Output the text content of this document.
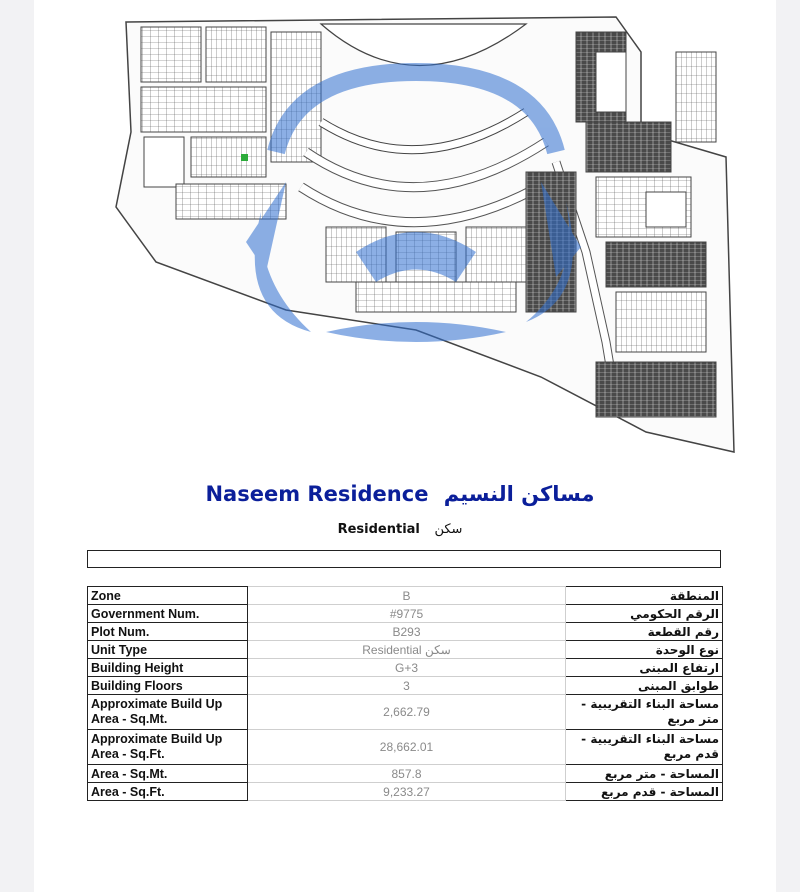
Naseem Residence مساكن النسيم
Residential سكن
Zone	B	المنطقة
Government Num.	#9775	الرقم الحكومي
Plot Num.	B293	رقم القطعة
Unit Type	Residential سكن	نوع الوحدة
Building Height	G+3	ارتفاع المبنى
Building Floors	3	طوابق المبنى
Approximate Build Up Area - Sq.Mt.	2,662.79	مساحة البناء التقريبية - متر مربع
Approximate Build Up Area - Sq.Ft.	28,662.01	مساحة البناء التقريبية - قدم مربع
Area - Sq.Mt.	857.8	المساحة - متر مربع
Area - Sq.Ft.	9,233.27	المساحة - قدم مربع
